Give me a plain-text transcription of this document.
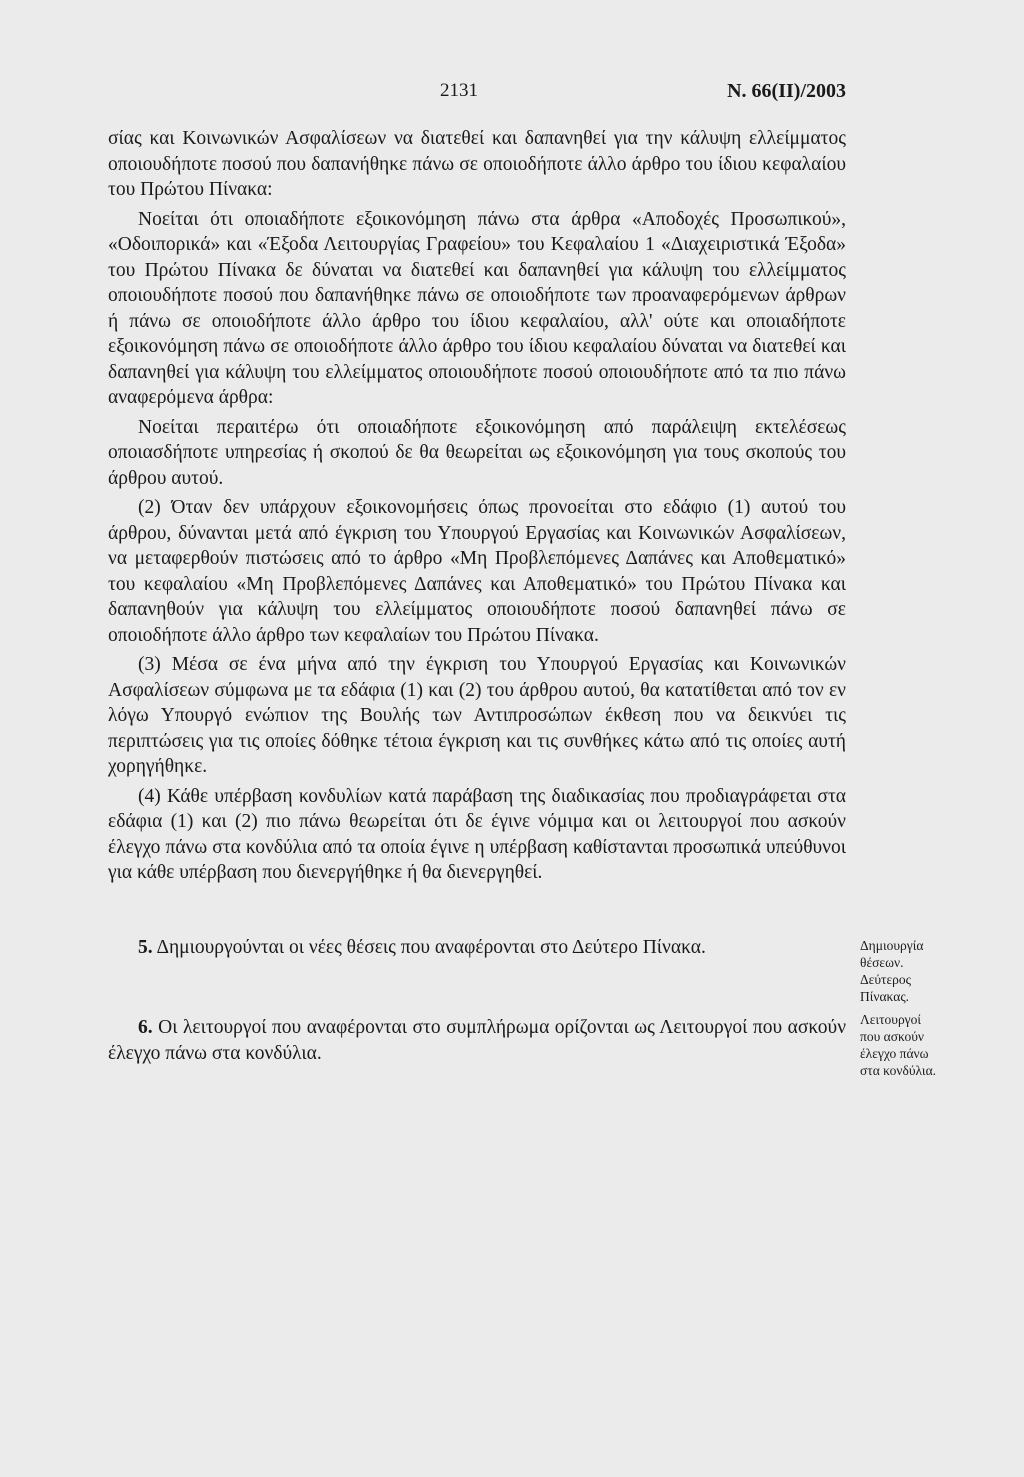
2131	N. 66(II)/2003

σίας και Κοινωνικών Ασφαλίσεων να διατεθεί και δαπανηθεί για την κάλυψη ελλείμματος οποιουδήποτε ποσού που δαπανήθηκε πάνω σε οποιοδήποτε άλλο άρθρο του ίδιου κεφαλαίου του Πρώτου Πίνακα:

Νοείται ότι οποιαδήποτε εξοικονόμηση πάνω στα άρθρα «Αποδοχές Προσωπικού», «Οδοιπορικά» και «Έξοδα Λειτουργίας Γραφείου» του Κεφαλαίου 1 «Διαχειριστικά Έξοδα» του Πρώτου Πίνακα δε δύναται να διατεθεί και δαπανηθεί για κάλυψη του ελλείμματος οποιουδήποτε ποσού που δαπανήθηκε πάνω σε οποιοδήποτε των προαναφερόμενων άρθρων ή πάνω σε οποιοδήποτε άλλο άρθρο του ίδιου κεφαλαίου, αλλ' ούτε και οποιαδήποτε εξοικονόμηση πάνω σε οποιοδήποτε άλλο άρθρο του ίδιου κεφαλαίου δύναται να διατεθεί και δαπανηθεί για κάλυψη του ελλείμματος οποιουδήποτε ποσού οποιουδήποτε από τα πιο πάνω αναφερόμενα άρθρα:

Νοείται περαιτέρω ότι οποιαδήποτε εξοικονόμηση από παράλειψη εκτελέσεως οποιασδήποτε υπηρεσίας ή σκοπού δε θα θεωρείται ως εξοικονόμηση για τους σκοπούς του άρθρου αυτού.

(2) Όταν δεν υπάρχουν εξοικονομήσεις όπως προνοείται στο εδάφιο (1) αυτού του άρθρου, δύνανται μετά από έγκριση του Υπουργού Εργασίας και Κοινωνικών Ασφαλίσεων, να μεταφερθούν πιστώσεις από το άρθρο «Μη Προβλεπόμενες Δαπάνες και Αποθεματικό» του κεφαλαίου «Μη Προβλεπόμενες Δαπάνες και Αποθεματικό» του Πρώτου Πίνακα και δαπανηθούν για κάλυψη του ελλείμματος οποιουδήποτε ποσού δαπανηθεί πάνω σε οποιοδήποτε άλλο άρθρο των κεφαλαίων του Πρώτου Πίνακα.

(3) Μέσα σε ένα μήνα από την έγκριση του Υπουργού Εργασίας και Κοινωνικών Ασφαλίσεων σύμφωνα με τα εδάφια (1) και (2) του άρθρου αυτού, θα κατατίθεται από τον εν λόγω Υπουργό ενώπιον της Βουλής των Αντιπροσώπων έκθεση που να δεικνύει τις περιπτώσεις για τις οποίες δόθηκε τέτοια έγκριση και τις συνθήκες κάτω από τις οποίες αυτή χορηγήθηκε.

(4) Κάθε υπέρβαση κονδυλίων κατά παράβαση της διαδικασίας που προδιαγράφεται στα εδάφια (1) και (2) πιο πάνω θεωρείται ότι δε έγινε νόμιμα και οι λειτουργοί που ασκούν έλεγχο πάνω στα κονδύλια από τα οποία έγινε η υπέρβαση καθίστανται προσωπικά υπεύθυνοι για κάθε υπέρβαση που διενεργήθηκε ή θα διενεργηθεί.

5. Δημιουργούνται οι νέες θέσεις που αναφέρονται στο Δεύτερο Πίνακα.
6. Οι λειτουργοί που αναφέρονται στο συμπλήρωμα ορίζονται ως Λειτουργοί που ασκούν έλεγχο πάνω στα κονδύλια.
Δημιουργία
θέσεων.
Δεύτερος
Πίνακας.
Λειτουργοί
που ασκούν
έλεγχο πάνω
στα κονδύλια.
